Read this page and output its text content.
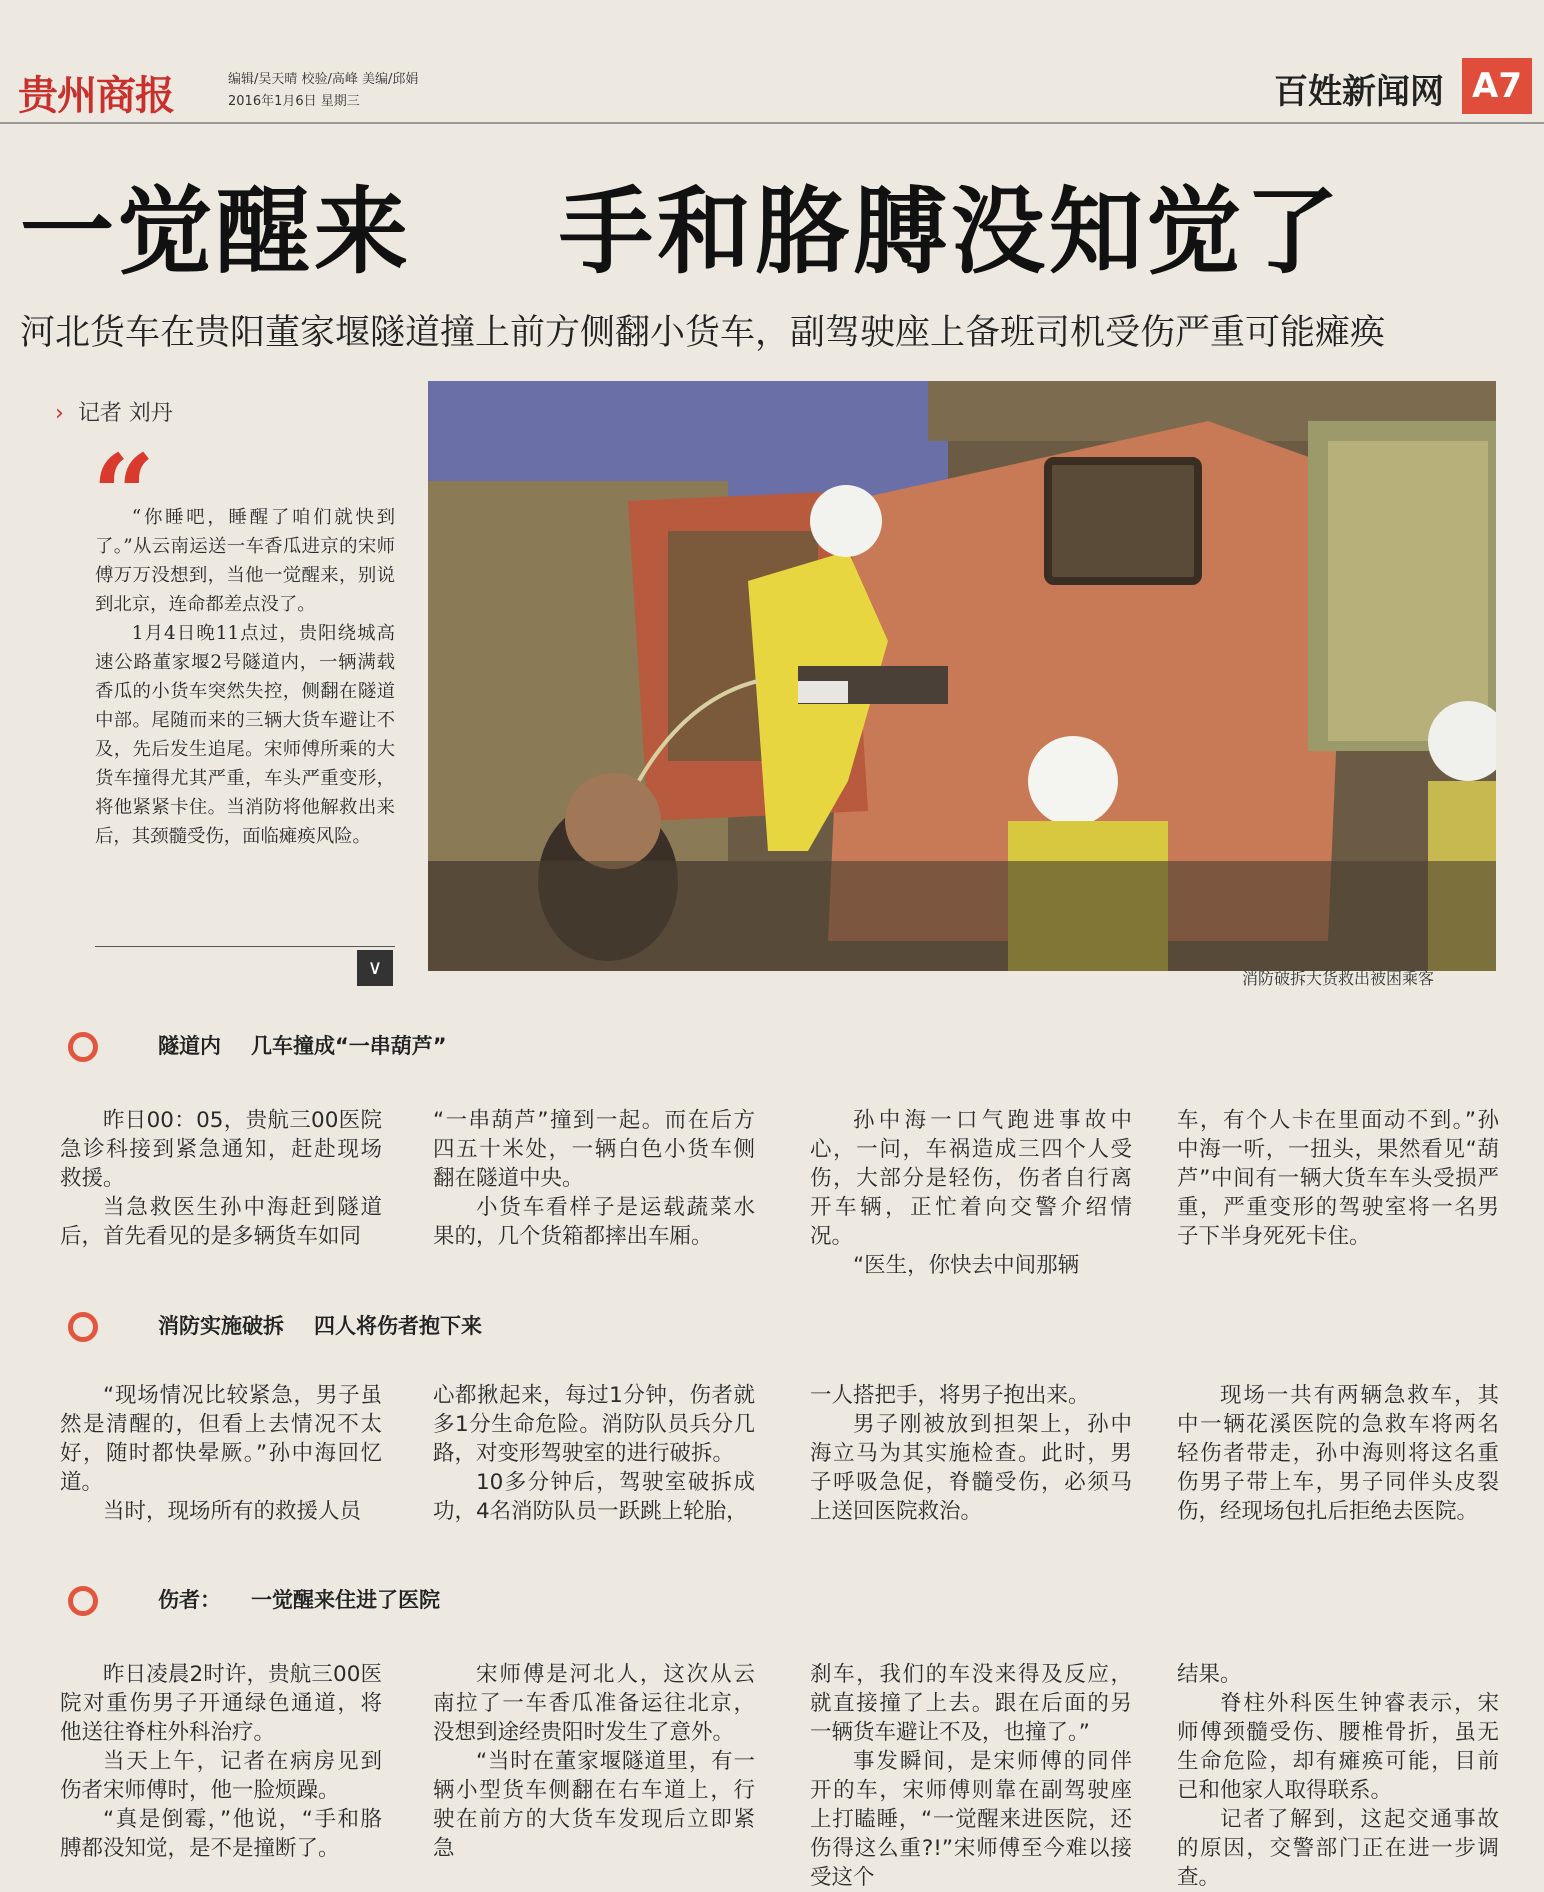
贵州商报	编辑/吴天晴 校验/高峰 美编/邱娟
2016年1月6日 星期三	百姓新闻网 A7
一觉醒来    手和胳膊没知觉了
河北货车在贵阳董家堰隧道撞上前方侧翻小货车，副驾驶座上备班司机受伤严重可能瘫痪
› 记者 刘丹
“

“你睡吧，睡醒了咱们就快到了。”从云南运送一车香瓜进京的宋师傅万万没想到，当他一觉醒来，别说到北京，连命都差点没了。

1月4日晚11点过，贵阳绕城高速公路董家堰2号隧道内，一辆满载香瓜的小货车突然失控，侧翻在隧道中部。尾随而来的三辆大货车避让不及，先后发生追尾。宋师傅所乘的大货车撞得尤其严重，车头严重变形，将他紧紧卡住。当消防将他解救出来后，其颈髓受伤，面临瘫痪风险。

∨	消防破拆大货救出被困乘客
隧道内 几车撞成“一串葫芦”

昨日00：05，贵航三00医院急诊科接到紧急通知，赶赴现场救援。

当急救医生孙中海赶到隧道后，首先看见的是多辆货车如同

“一串葫芦”撞到一起。而在后方四五十米处，一辆白色小货车侧翻在隧道中央。

小货车看样子是运载蔬菜水果的，几个货箱都摔出车厢。

孙中海一口气跑进事故中心，一问，车祸造成三四个人受伤，大部分是轻伤，伤者自行离开车辆，正忙着向交警介绍情况。

“医生，你快去中间那辆

车，有个人卡在里面动不到。”孙中海一听，一扭头，果然看见“葫芦”中间有一辆大货车车头受损严重，严重变形的驾驶室将一名男子下半身死死卡住。

消防实施破拆 四人将伤者抱下来

“现场情况比较紧急，男子虽然是清醒的，但看上去情况不太好，随时都快晕厥。”孙中海回忆道。

当时，现场所有的救援人员

心都揪起来，每过1分钟，伤者就多1分生命危险。消防队员兵分几路，对变形驾驶室的进行破拆。

10多分钟后，驾驶室破拆成功，4名消防队员一跃跳上轮胎，

一人搭把手，将男子抱出来。

男子刚被放到担架上，孙中海立马为其实施检查。此时，男子呼吸急促，脊髓受伤，必须马上送回医院救治。

现场一共有两辆急救车，其中一辆花溪医院的急救车将两名轻伤者带走，孙中海则将这名重伤男子带上车，男子同伴头皮裂伤，经现场包扎后拒绝去医院。

伤者： 一觉醒来住进了医院

昨日凌晨2时许，贵航三00医院对重伤男子开通绿色通道，将他送往脊柱外科治疗。

当天上午，记者在病房见到伤者宋师傅时，他一脸烦躁。

“真是倒霉，”他说，“手和胳膊都没知觉，是不是撞断了。

宋师傅是河北人，这次从云南拉了一车香瓜准备运往北京，没想到途经贵阳时发生了意外。

“当时在董家堰隧道里，有一辆小型货车侧翻在右车道上，行驶在前方的大货车发现后立即紧急

刹车，我们的车没来得及反应，就直接撞了上去。跟在后面的另一辆货车避让不及，也撞了。”

事发瞬间，是宋师傅的同伴开的车，宋师傅则靠在副驾驶座上打瞌睡，“一觉醒来进医院，还伤得这么重?!”宋师傅至今难以接受这个

结果。

脊柱外科医生钟睿表示，宋师傅颈髓受伤、腰椎骨折，虽无生命危险，却有瘫痪可能，目前已和他家人取得联系。

记者了解到，这起交通事故的原因，交警部门正在进一步调查。
